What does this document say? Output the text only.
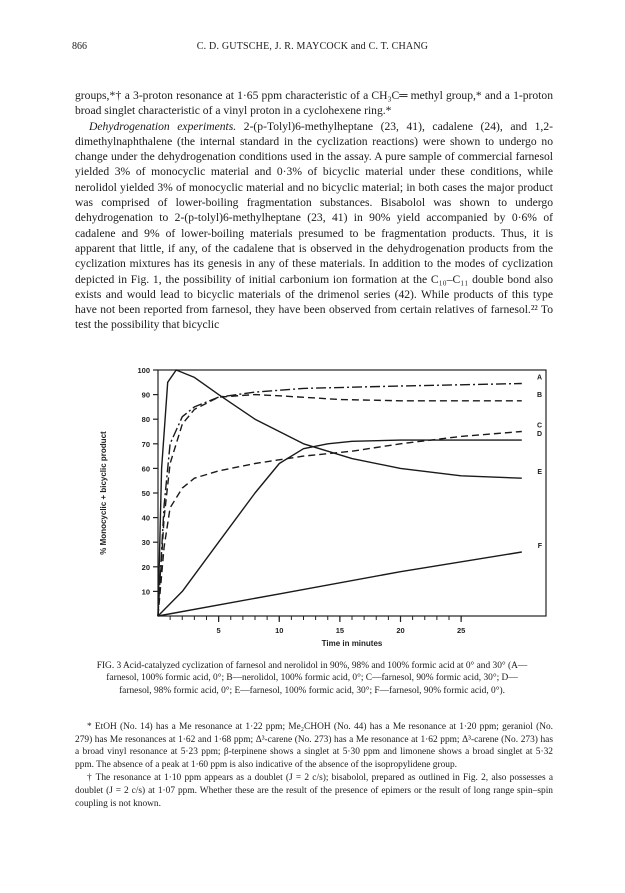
866	C. D. GUTSCHE, J. R. MAYCOCK and C. T. CHANG

groups,*† a 3-proton resonance at 1·65 ppm characteristic of a CH₃C═ methyl group,* and a 1-proton broad singlet characteristic of a vinyl proton in a cyclohexene ring.*

Dehydrogenation experiments. 2-(p-Tolyl)6-methylheptane (23, 41), cadalene (24), and 1,2-dimethylnaphthalene (the internal standard in the cyclization reactions) were shown to undergo no change under the dehydrogenation conditions used in the assay. A pure sample of commercial farnesol yielded 3% of monocyclic material and 0·3% of bicyclic material under these conditions, while nerolidol yielded 3% of monocyclic material and no bicyclic material; in both cases the major product was comprised of lower-boiling fragmentation substances. Bisabolol was shown to undergo dehydrogenation to 2-(p-tolyl)6-methylheptane (23, 41) in 90% yield accompanied by 0·6% of cadalene and 9% of lower-boiling materials presumed to be fragmentation products. Thus, it is apparent that little, if any, of the cadalene that is observed in the dehydrogenation products from the cyclization mixtures has its genesis in any of these materials. In addition to the modes of cyclization depicted in Fig. 1, the possibility of initial carbonium ion formation at the C₁₀–C₁₁ double bond also exists and would lead to bicyclic materials of the drimenol series (42). While products of this type have not been reported from farnesol, they have been observed from certain relatives of farnesol.²² To test the possibility that bicyclic

10
20
30
40
50
60
70
80
90
100
5	10	15	20	25
Time in minutes
% Monocyclic + bicyclic product
A
B
C
D
E
F
FIG. 3 Acid-catalyzed cyclization of farnesol and nerolidol in 90%, 98% and 100% formic acid at 0° and 30° (A—farnesol, 100% formic acid, 0°; B—nerolidol, 100% formic acid, 0°; C—farnesol, 90% formic acid, 30°; D—farnesol, 98% formic acid, 0°; E—farnesol, 100% formic acid, 30°; F—farnesol, 90% formic acid, 0°).

* EtOH (No. 14) has a Me resonance at 1·22 ppm; Me₂CHOH (No. 44) has a Me resonance at 1·20 ppm; geraniol (No. 279) has Me resonances at 1·62 and 1·68 ppm; Δ³-carene (No. 273) has a Me resonance at 1·62 ppm; Δ³-carene (No. 273) has a broad vinyl resonance at 5·23 ppm; β-terpinene shows a singlet at 5·30 ppm and limonene shows a broad singlet at 5·32 ppm. The absence of a peak at 1·60 ppm is also indicative of the absence of the isopropylidene group.

† The resonance at 1·10 ppm appears as a doublet (J = 2 c/s); bisabolol, prepared as outlined in Fig. 2, also possesses a doublet (J = 2 c/s) at 1·07 ppm. Whether these are the result of the presence of epimers or the result of long range spin–spin coupling is not known.
